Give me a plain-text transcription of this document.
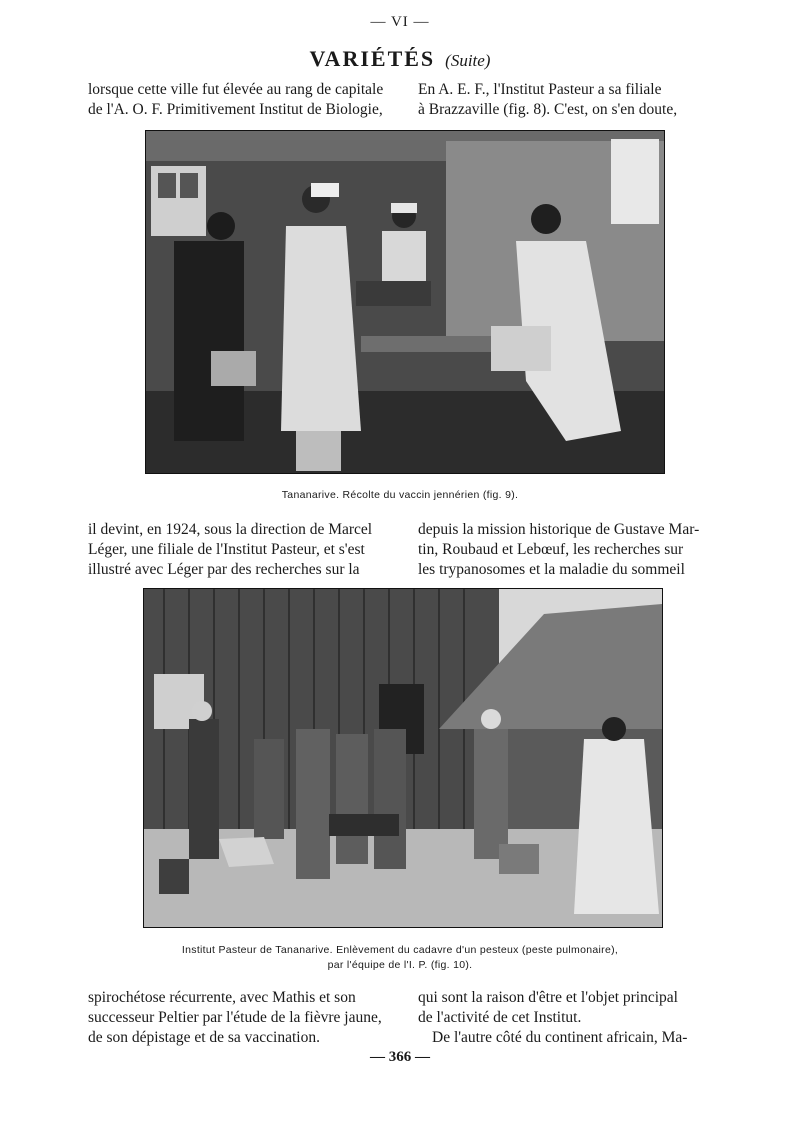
— VI —
VARIÉTÉS (Suite)

lorsque cette ville fut élevée au rang de capitale

de l'A. O. F. Primitivement Institut de Biologie,

En A. E. F., l'Institut Pasteur a sa filiale

à Brazzaville (fig. 8). C'est, on s'en doute,

Tananarive. Récolte du vaccin jennérien (fig. 9).

il devint, en 1924, sous la direction de Marcel

Léger, une filiale de l'Institut Pasteur, et s'est

illustré avec Léger par des recherches sur la

depuis la mission historique de Gustave Mar-

tin, Roubaud et Lebœuf, les recherches sur

les trypanosomes et la maladie du sommeil

Institut Pasteur de Tananarive. Enlèvement du cadavre d'un pesteux (peste pulmonaire),
par l'équipe de l'I. P. (fig. 10).

spirochétose récurrente, avec Mathis et son

successeur Peltier par l'étude de la fièvre jaune,

de son dépistage et de sa vaccination.

qui sont la raison d'être et l'objet principal

de l'activité de cet Institut.

De l'autre côté du continent africain, Ma-

— 366 —
